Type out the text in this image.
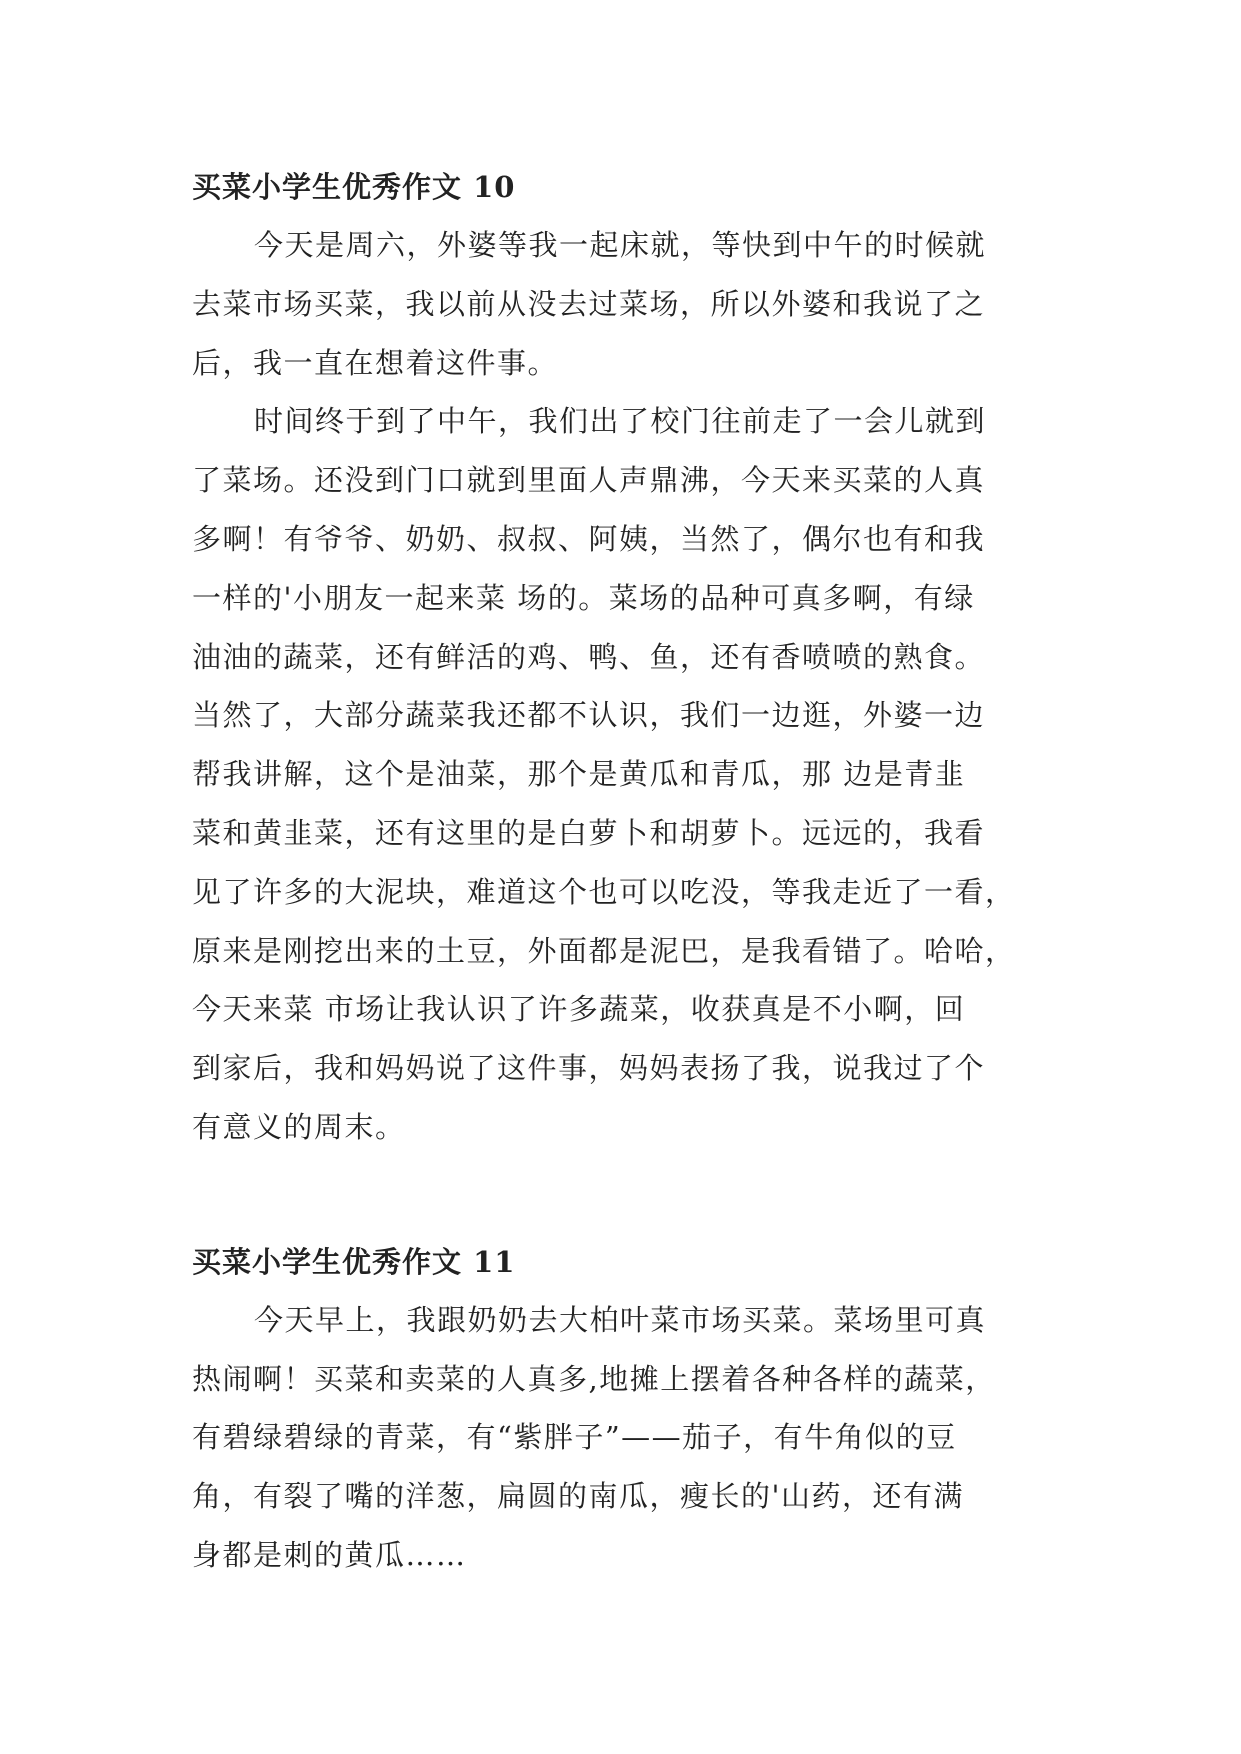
买菜小学生优秀作文 10

今天是周六，外婆等我一起床就，等快到中午的时候就
去菜市场买菜，我以前从没去过菜场，所以外婆和我说了之
后，我一直在想着这件事。

时间终于到了中午，我们出了校门往前走了一会儿就到
了菜场。还没到门口就到里面人声鼎沸，今天来买菜的人真
多啊！有爷爷、奶奶、叔叔、阿姨，当然了，偶尔也有和我
一样的'小朋友一起来菜 场的。菜场的品种可真多啊，有绿
油油的蔬菜，还有鲜活的鸡、鸭、鱼，还有香喷喷的熟食。
当然了，大部分蔬菜我还都不认识，我们一边逛，外婆一边
帮我讲解，这个是油菜，那个是黄瓜和青瓜，那 边是青韭
菜和黄韭菜，还有这里的是白萝卜和胡萝卜。远远的，我看
见了许多的大泥块，难道这个也可以吃没，等我走近了一看，
原来是刚挖出来的土豆，外面都是泥巴，是我看错了。哈哈，
今天来菜 市场让我认识了许多蔬菜，收获真是不小啊，回
到家后，我和妈妈说了这件事，妈妈表扬了我，说我过了个
有意义的周末。

买菜小学生优秀作文 11

今天早上，我跟奶奶去大柏叶菜市场买菜。菜场里可真
热闹啊！买菜和卖菜的人真多,地摊上摆着各种各样的蔬菜，
有碧绿碧绿的青菜，有“紫胖子”——茄子，有牛角似的豆
角，有裂了嘴的洋葱，扁圆的南瓜，瘦长的'山药，还有满
身都是刺的黄瓜……
